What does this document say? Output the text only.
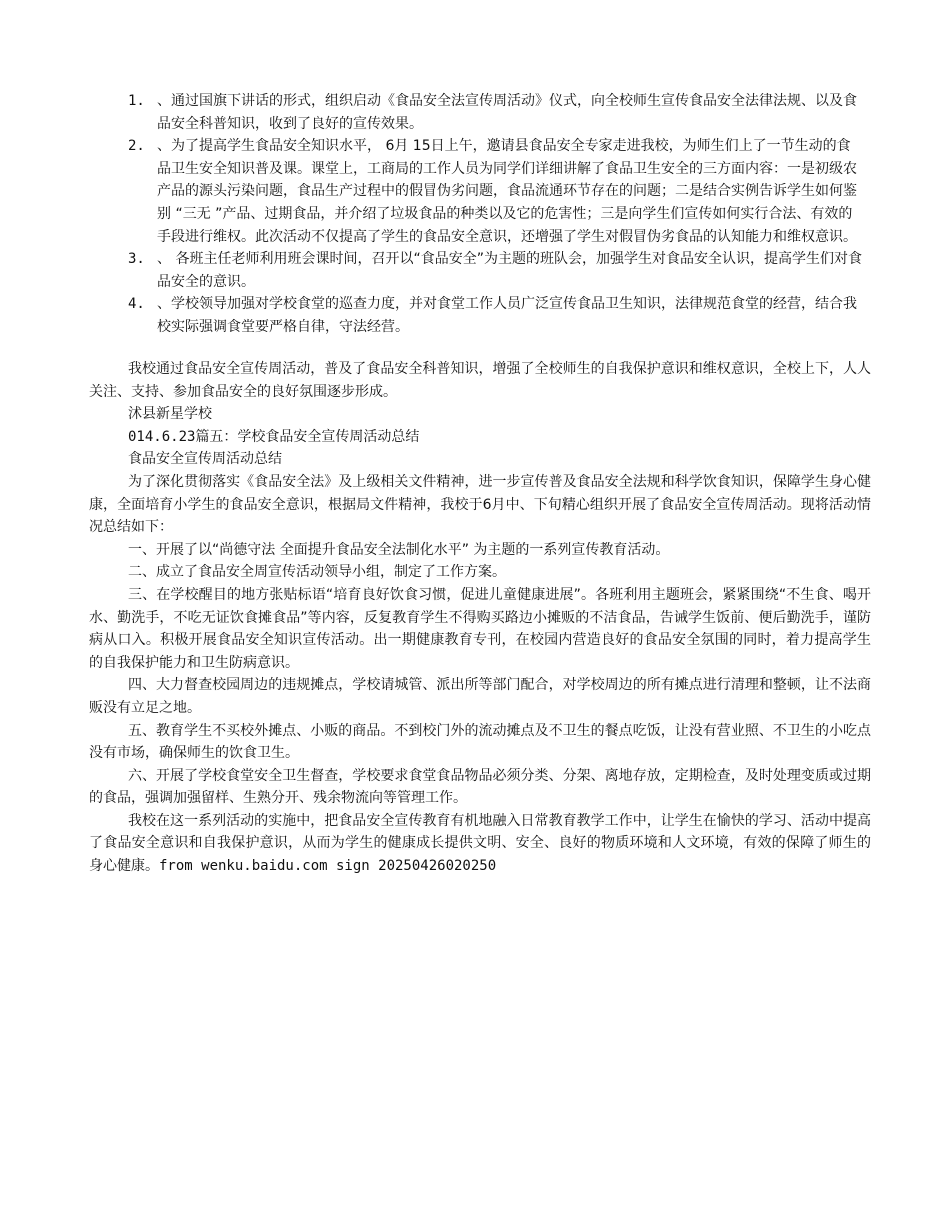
1. 、通过国旗下讲话的形式，组织启动《食品安全法宣传周活动》仪式，向全校师生宣传食品安全法律法规、以及食品安全科普知识，收到了良好的宣传效果。
2. 、为了提高学生食品安全知识水平， 6月 15日上午，邀请县食品安全专家走进我校，为师生们上了一节生动的食品卫生安全知识普及课。课堂上，工商局的工作人员为同学们详细讲解了食品卫生安全的三方面内容：一是初级农产品的源头污染问题，食品生产过程中的假冒伪劣问题，食品流通环节存在的问题；二是结合实例告诉学生如何鉴别 “三无 ”产品、过期食品，并介绍了垃圾食品的种类以及它的危害性；三是向学生们宣传如何实行合法、有效的手段进行维权。此次活动不仅提高了学生的食品安全意识，还增强了学生对假冒伪劣食品的认知能力和维权意识。
3. 、 各班主任老师利用班会课时间，召开以“食品安全”为主题的班队会，加强学生对食品安全认识，提高学生们对食品安全的意识。
4. 、学校领导加强对学校食堂的巡查力度，并对食堂工作人员广泛宣传食品卫生知识，法律规范食堂的经营，结合我校实际强调食堂要严格自律，守法经营。

我校通过食品安全宣传周活动，普及了食品安全科普知识，增强了全校师生的自我保护意识和维权意识，全校上下，人人关注、支持、参加食品安全的良好氛围逐步形成。

沭县新星学校

014.6.23篇五：学校食品安全宣传周活动总结

食品安全宣传周活动总结

为了深化贯彻落实《食品安全法》及上级相关文件精神，进一步宣传普及食品安全法规和科学饮食知识，保障学生身心健康，全面培育小学生的食品安全意识，根据局文件精神，我校于6月中、下旬精心组织开展了食品安全宣传周活动。现将活动情况总结如下：

一、开展了以“尚德守法 全面提升食品安全法制化水平” 为主题的一系列宣传教育活动。

二、成立了食品安全周宣传活动领导小组，制定了工作方案。

三、在学校醒目的地方张贴标语“培育良好饮食习惯，促进儿童健康进展”。各班利用主题班会，紧紧围绕“不生食、喝开水、勤洗手，不吃无证饮食摊食品”等内容，反复教育学生不得购买路边小摊贩的不洁食品，告诫学生饭前、便后勤洗手，谨防病从口入。积极开展食品安全知识宣传活动。出一期健康教育专刊，在校园内营造良好的食品安全氛围的同时，着力提高学生的自我保护能力和卫生防病意识。

四、大力督查校园周边的违规摊点，学校请城管、派出所等部门配合，对学校周边的所有摊点进行清理和整顿，让不法商贩没有立足之地。

五、教育学生不买校外摊点、小贩的商品。不到校门外的流动摊点及不卫生的餐点吃饭，让没有营业照、不卫生的小吃点没有市场，确保师生的饮食卫生。

六、开展了学校食堂安全卫生督查，学校要求食堂食品物品必须分类、分架、离地存放，定期检查，及时处理变质或过期的食品，强调加强留样、生熟分开、残余物流向等管理工作。

我校在这一系列活动的实施中，把食品安全宣传教育有机地融入日常教育教学工作中，让学生在愉快的学习、活动中提高了食品安全意识和自我保护意识，从而为学生的健康成长提供文明、安全、良好的物质环境和人文环境，有效的保障了师生的身心健康。from wenku.baidu.com sign 20250426020250
